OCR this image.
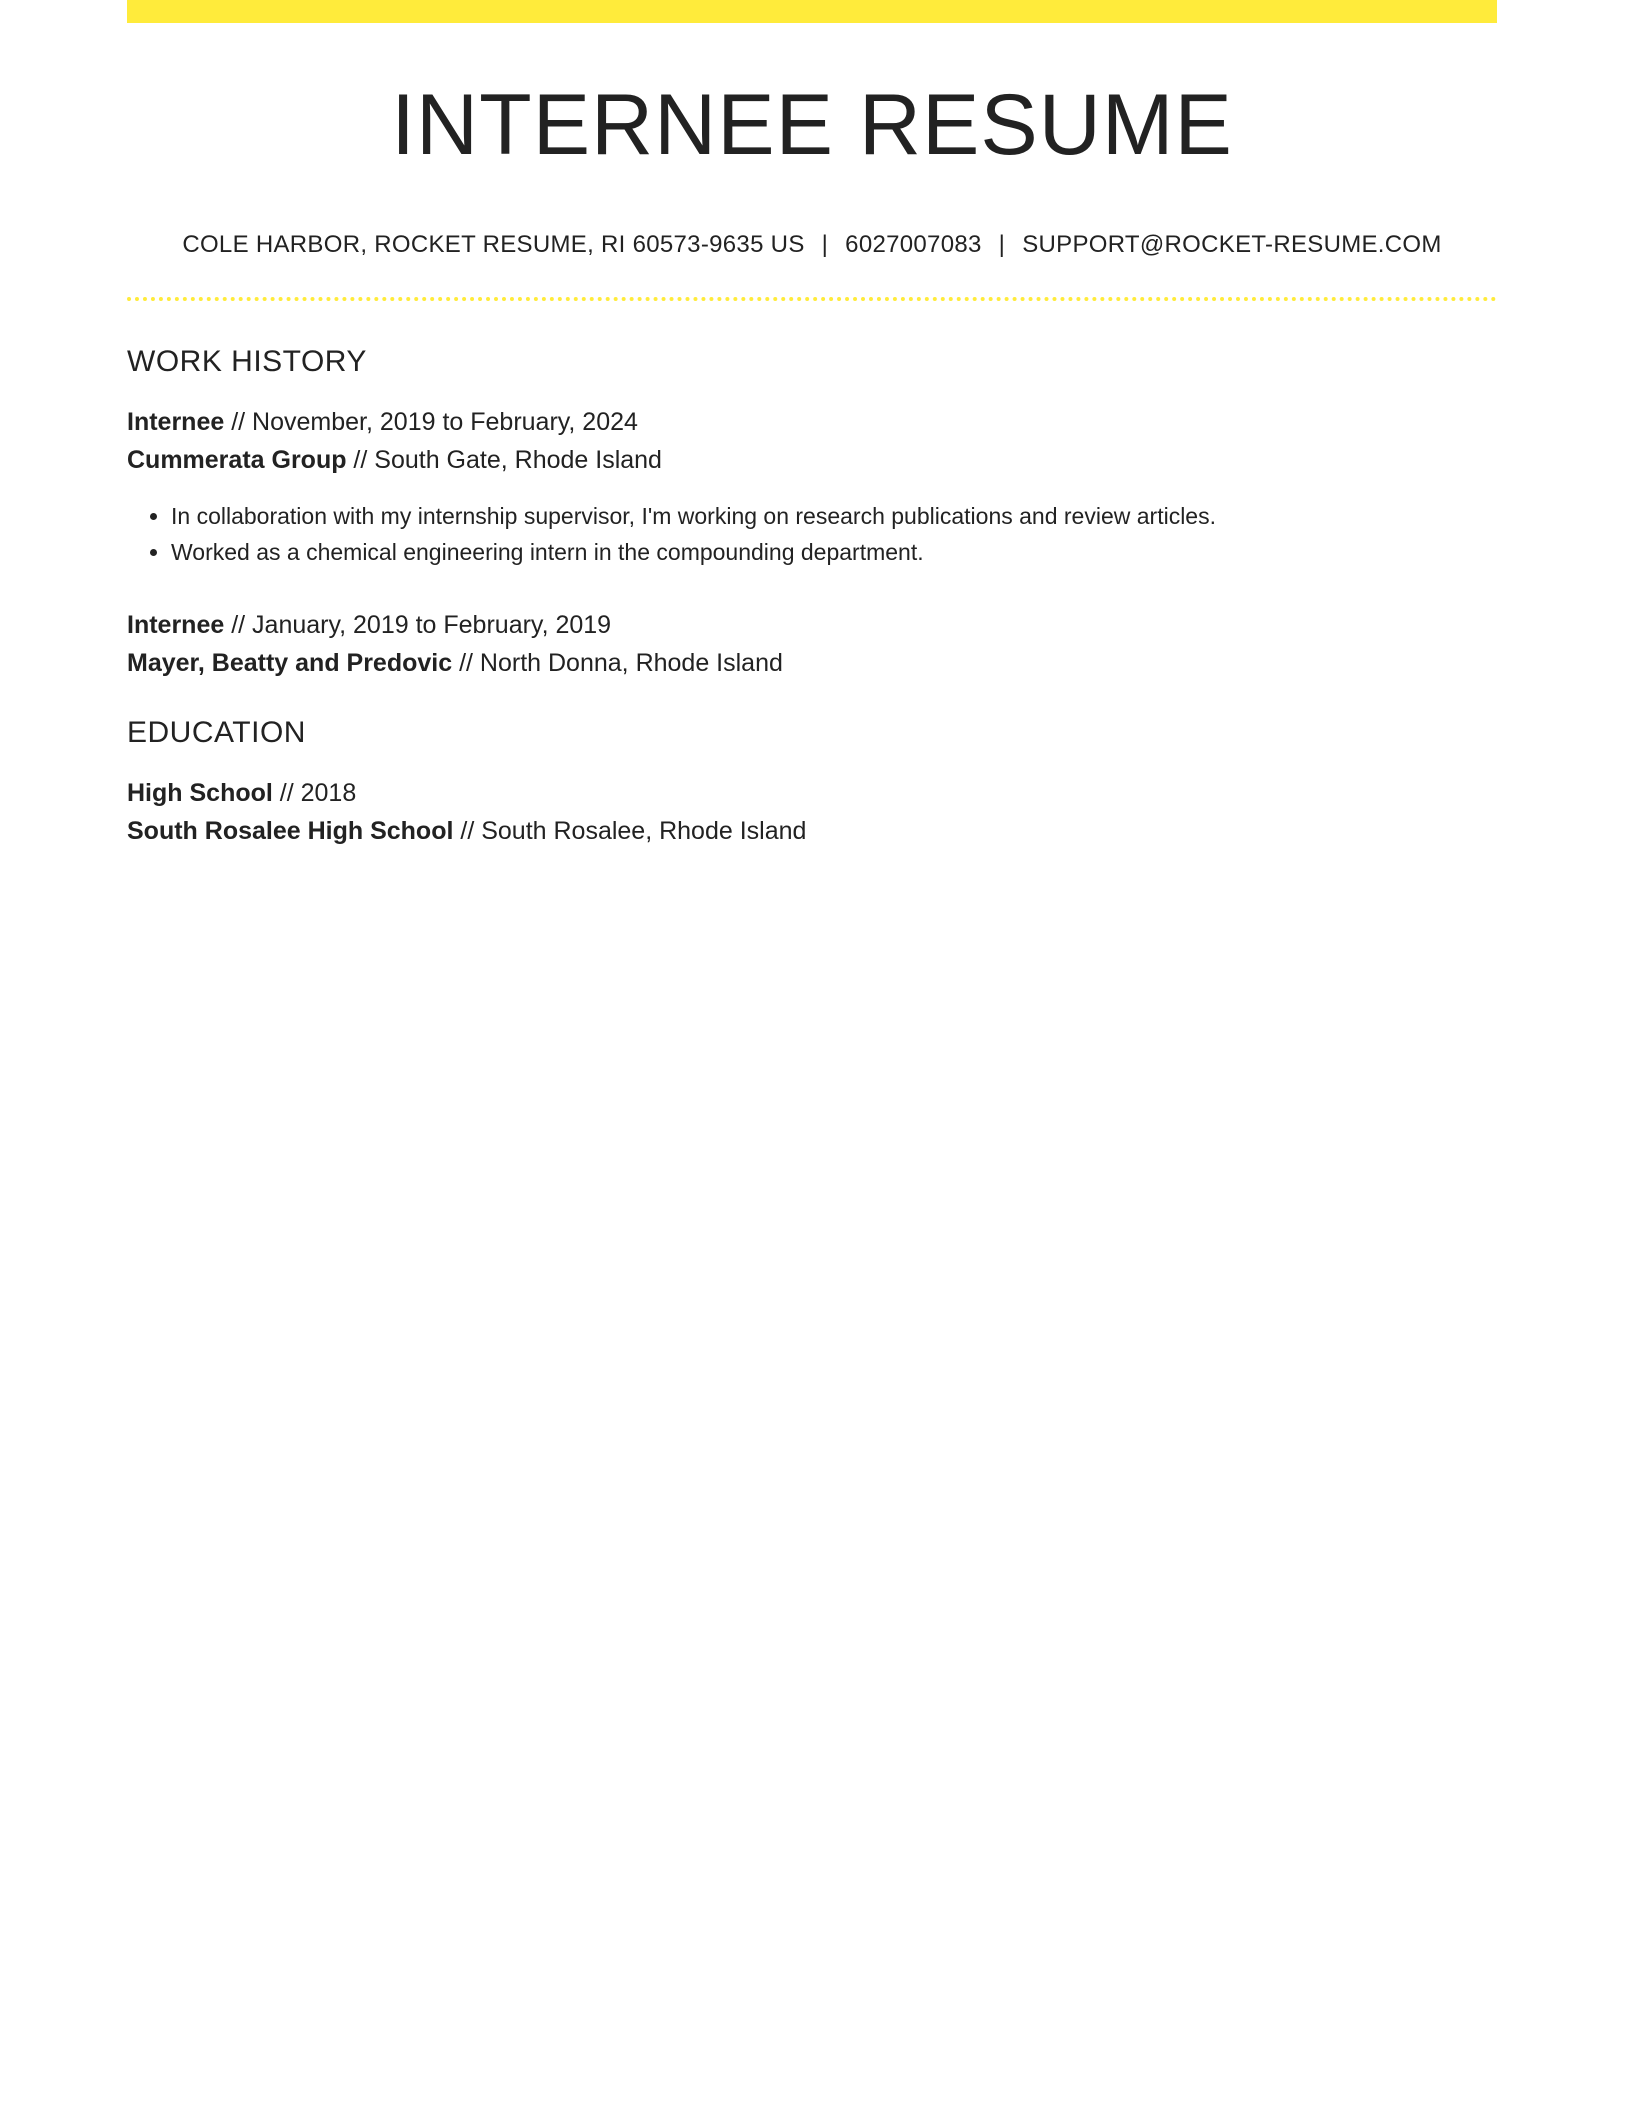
INTERNEE RESUME
COLE HARBOR, ROCKET RESUME, RI 60573-9635 US | 6027007083 | SUPPORT@ROCKET-RESUME.COM
WORK HISTORY
Internee // November, 2019 to February, 2024
Cummerata Group // South Gate, Rhode Island
• In collaboration with my internship supervisor, I'm working on research publications and review articles.
• Worked as a chemical engineering intern in the compounding department.
Internee // January, 2019 to February, 2019
Mayer, Beatty and Predovic // North Donna, Rhode Island
EDUCATION
High School // 2018
South Rosalee High School // South Rosalee, Rhode Island
